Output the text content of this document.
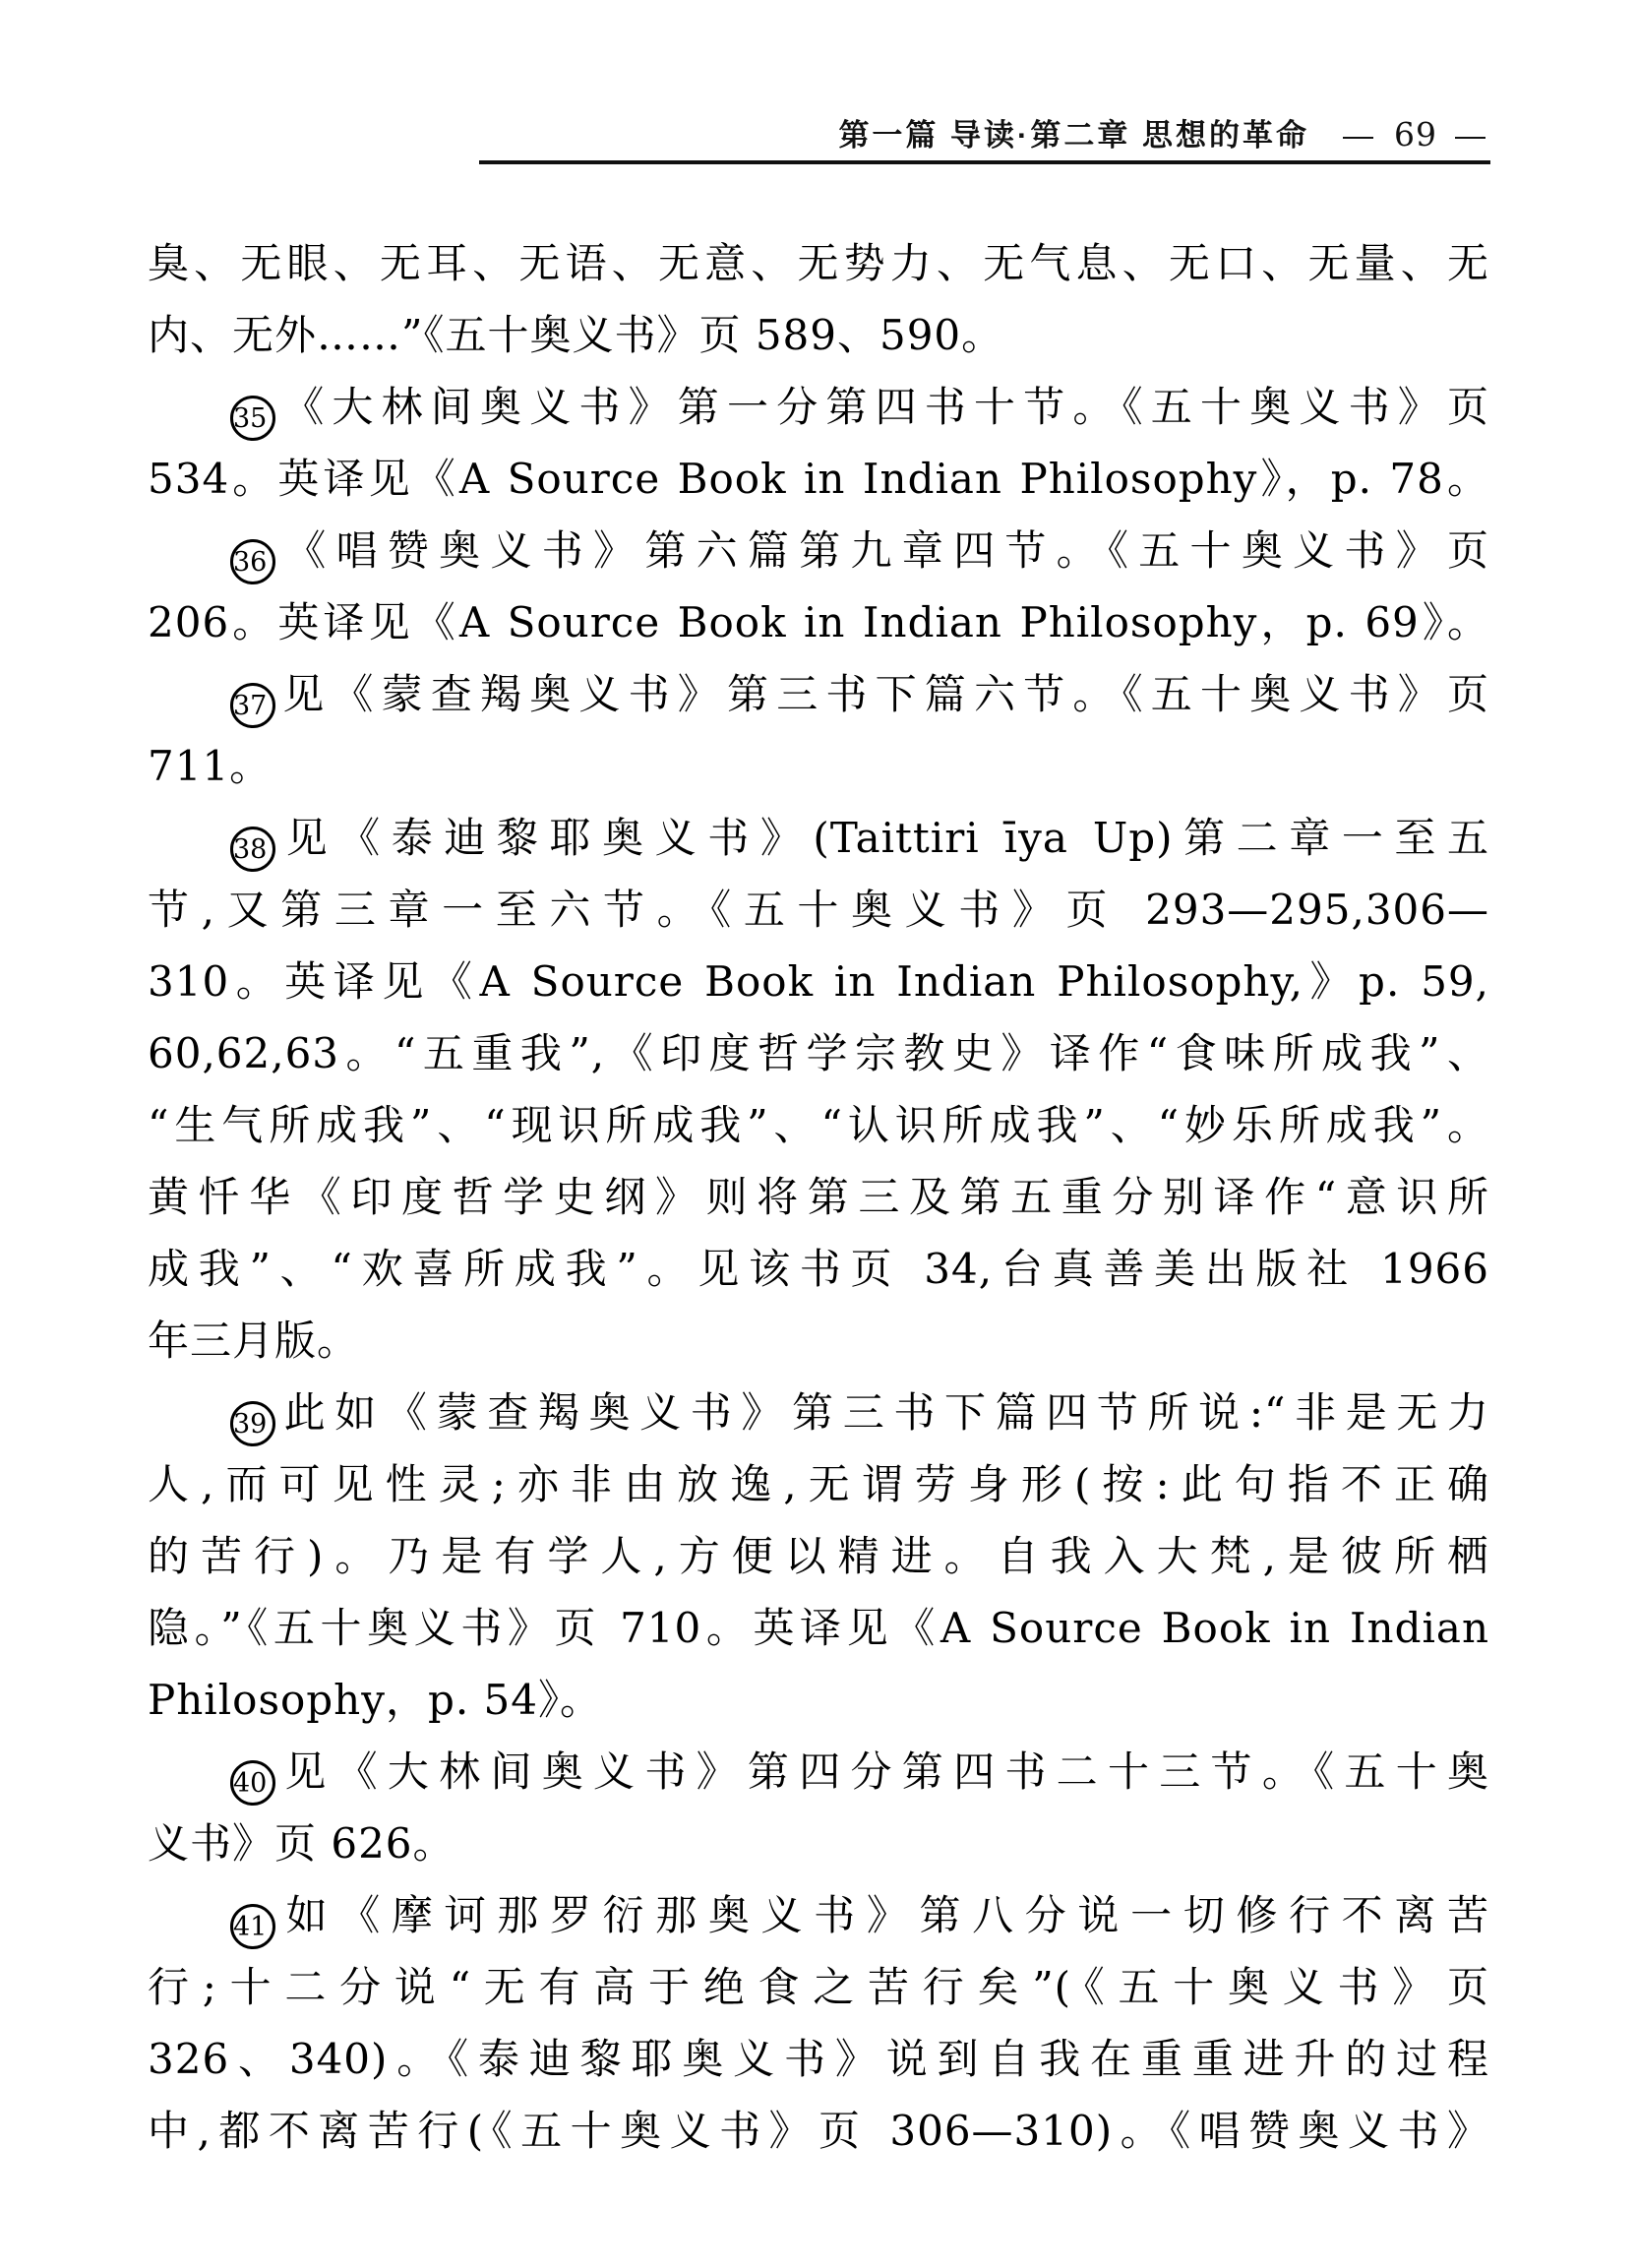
第一篇 导读·第二章 思想的革命 — 69 —
臭、无眼、无耳、无语、无意、无势力、无气息、无口、无量、无
内、无外……”《五十奥义书》页 589、590。
35 《大林间奥义书》第一分第四书十节。《五十奥义书》页
534。英译见《A Source Book in Indian Philosophy》，p. 78。
36 《唱赞奥义书》第六篇第九章四节。《五十奥义书》页
206。英译见《A Source Book in Indian Philosophy，p. 69》。
37 见《蒙查羯奥义书》第三书下篇六节。《五十奥义书》页
711。
38 见《泰迪黎耶奥义书》(Taittiri īya Up)第二章一至五
节,又第三章一至六节。《五十奥义书》页 293—295,306—
310。英译见《A Source Book in Indian Philosophy,》p. 59,
60,62,63。“五重我”,《印度哲学宗教史》译作“食味所成我”、
“生气所成我”、“现识所成我”、“认识所成我”、“妙乐所成我”。
黄忏华《印度哲学史纲》则将第三及第五重分别译作“意识所
成我”、“欢喜所成我”。见该书页 34,台真善美出版社 1966
年三月版。
39 此如《蒙查羯奥义书》第三书下篇四节所说:“非是无力
人,而可见性灵;亦非由放逸,无谓劳身形(按:此句指不正确
的苦行)。乃是有学人,方便以精进。自我入大梵,是彼所栖
隐。”《五十奥义书》页 710。英译见《A Source Book in Indian
Philosophy，p. 54》。
40 见《大林间奥义书》第四分第四书二十三节。《五十奥
义书》页 626。
41 如《摩诃那罗衍那奥义书》第八分说一切修行不离苦
行;十二分说“无有高于绝食之苦行矣”(《五十奥义书》页
326、340)。《泰迪黎耶奥义书》说到自我在重重进升的过程
中,都不离苦行(《五十奥义书》页 306—310)。《唱赞奥义书》
